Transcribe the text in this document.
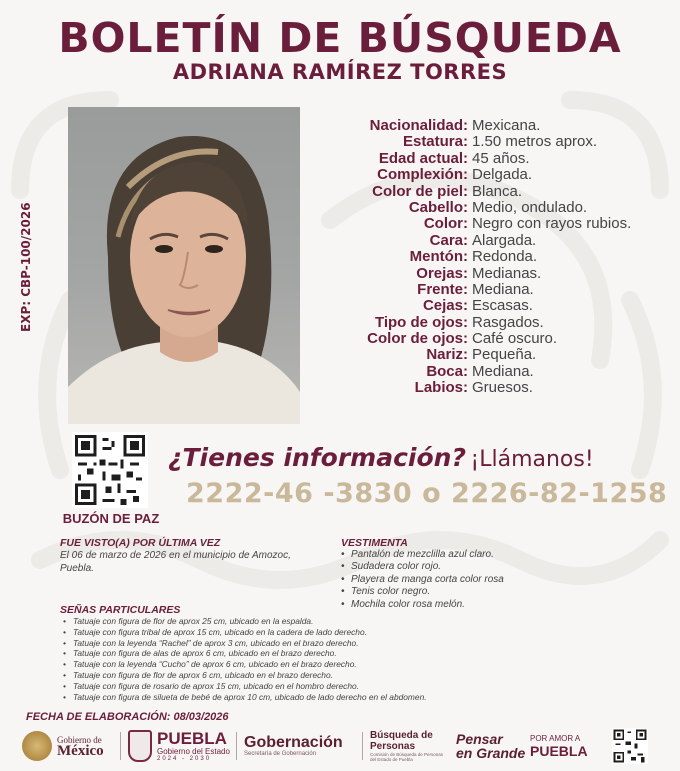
BOLETÍN DE BÚSQUEDA
ADRIANA RAMÍREZ TORRES
EXP: CBP-100/2026
Nacionalidad: Mexicana.
Estatura: 1.50 metros aprox.
Edad actual: 45 años.
Complexión: Delgada.
Color de piel: Blanca.
Cabello: Medio, ondulado.
Color: Negro con rayos rubios.
Cara: Alargada.
Mentón: Redonda.
Orejas: Medianas.
Frente: Mediana.
Cejas: Escasas.
Tipo de ojos: Rasgados.
Color de ojos: Café oscuro.
Nariz: Pequeña.
Boca: Mediana.
Labios: Gruesos.
BUZÓN DE PAZ
¿Tienes información? ¡Llámanos!
2222-46 -3830 o 2226-82-1258
FUE VISTO(A) POR ÚLTIMA VEZ
El 06 de marzo de 2026 en el municipio de Amozoc, Puebla.
VESTIMENTA
• Pantalón de mezclilla azul claro.
• Sudadera color rojo.
• Playera de manga corta color rosa
• Tenis color negro.
• Mochila color rosa melón.
SEÑAS PARTICULARES
• Tatuaje con figura de flor de aprox 25 cm, ubicado en la espalda.
• Tatuaje con figura tribal de aprox 15 cm, ubicado en la cadera de lado derecho.
• Tatuaje con la leyenda “Rachel” de aprox 3 cm, ubicado en el brazo derecho.
• Tatuaje con figura de alas de aprox 6 cm, ubicado en el brazo derecho.
• Tatuaje con la leyenda “Cucho” de aprox 6 cm, ubicado en el brazo derecho.
• Tatuaje con figura de flor de aprox 6 cm, ubicado en el brazo derecho.
• Tatuaje con figura de rosario de aprox 15 cm, ubicado en el hombro derecho.
• Tatuaje con figura de silueta de bebé de aprox 10 cm, ubicado de lado derecho en el abdomen.
FECHA DE ELABORACIÓN: 08/03/2026
Gobierno de
México
PUEBLA
Gobierno del Estado
2024 - 2030
Gobernación
Secretaría de Gobernación
Búsqueda de Personas
Comisión de Búsqueda de Personas del Estado de Puebla
Pensar
en Grande
POR AMOR A
PUEBLA
